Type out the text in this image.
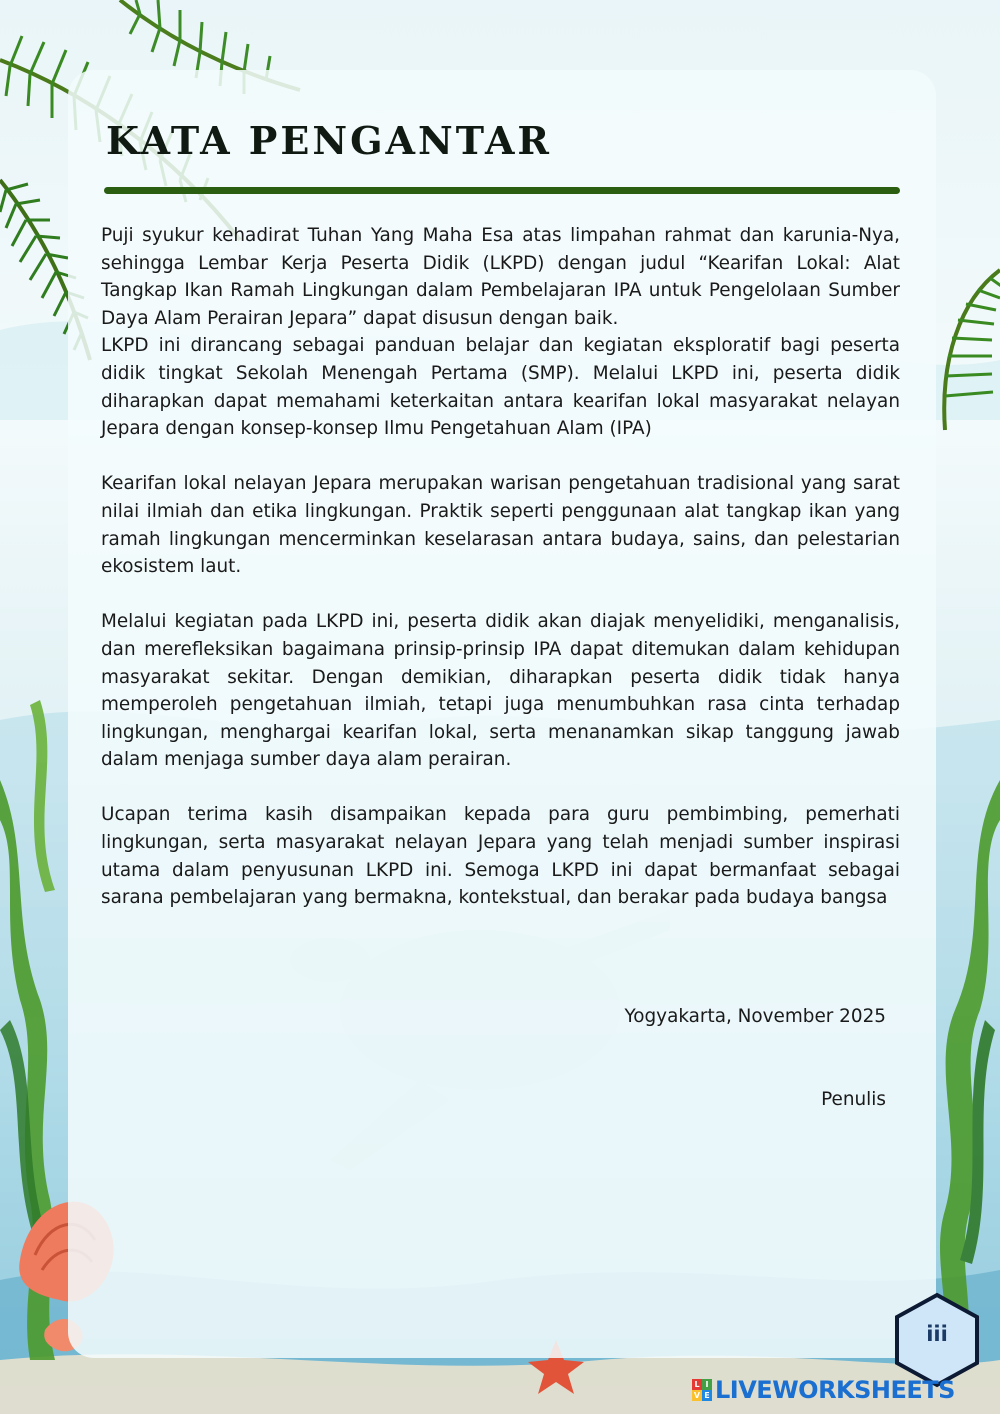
KATA PENGANTAR

Puji syukur kehadirat Tuhan Yang Maha Esa atas limpahan rahmat dan karunia-Nya, sehingga Lembar Kerja Peserta Didik (LKPD) dengan judul “Kearifan Lokal: Alat Tangkap Ikan Ramah Lingkungan dalam Pembelajaran IPA untuk Pengelolaan Sumber Daya Alam Perairan Jepara” dapat disusun dengan baik.

LKPD ini dirancang sebagai panduan belajar dan kegiatan eksploratif bagi peserta didik tingkat Sekolah Menengah Pertama (SMP). Melalui LKPD ini, peserta didik diharapkan dapat memahami keterkaitan antara kearifan lokal masyarakat nelayan Jepara dengan konsep-konsep Ilmu Pengetahuan Alam (IPA)

Kearifan lokal nelayan Jepara merupakan warisan pengetahuan tradisional yang sarat nilai ilmiah dan etika lingkungan. Praktik seperti penggunaan alat tangkap ikan yang ramah lingkungan mencerminkan keselarasan antara budaya, sains, dan pelestarian ekosistem laut.

Melalui kegiatan pada LKPD ini, peserta didik akan diajak menyelidiki, menganalisis, dan merefleksikan bagaimana prinsip-prinsip IPA dapat ditemukan dalam kehidupan masyarakat sekitar. Dengan demikian, diharapkan peserta didik tidak hanya memperoleh pengetahuan ilmiah, tetapi juga menumbuhkan rasa cinta terhadap lingkungan, menghargai kearifan lokal, serta menanamkan sikap tanggung jawab dalam menjaga sumber daya alam perairan.

Ucapan terima kasih disampaikan kepada para guru pembimbing, pemerhati lingkungan, serta masyarakat nelayan Jepara yang telah menjadi sumber inspirasi utama dalam penyusunan LKPD ini. Semoga LKPD ini dapat bermanfaat sebagai sarana pembelajaran yang bermakna, kontekstual, dan berakar pada budaya bangsa

Yogyakarta, November 2025
Penulis
iii
L I
V E LIVEWORKSHEETS
